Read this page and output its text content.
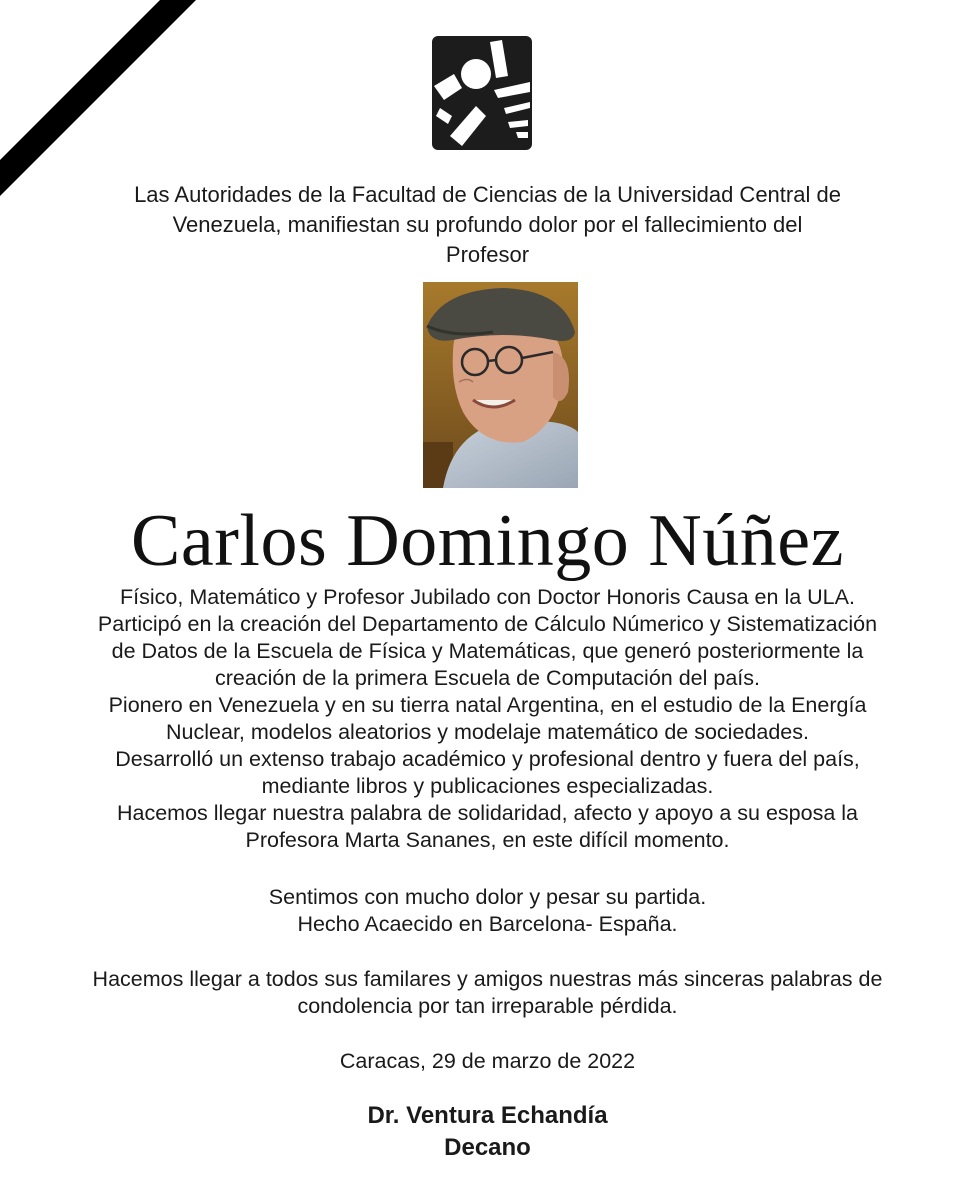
Las Autoridades de la Facultad de Ciencias de la Universidad Central de
Venezuela, manifiestan su profundo dolor por el fallecimiento del
Profesor
Carlos Domingo Núñez
Físico, Matemático y Profesor Jubilado con Doctor Honoris Causa en la ULA.
Participó en la creación del Departamento de Cálculo Númerico y Sistematización
de Datos de la Escuela de Física y Matemáticas, que generó posteriormente la
creación de la primera Escuela de Computación del país.
Pionero en Venezuela y en su tierra natal Argentina, en el estudio de la Energía
Nuclear, modelos aleatorios y modelaje matemático de sociedades.
Desarrolló un extenso trabajo académico y profesional dentro y fuera del país,
mediante libros y publicaciones especializadas.
Hacemos llegar nuestra palabra de solidaridad, afecto y apoyo a su esposa la
Profesora Marta Sananes, en este difícil momento.
Sentimos con mucho dolor y pesar su partida.
Hecho Acaecido en Barcelona- España.
Hacemos llegar a todos sus familares y amigos nuestras más sinceras palabras de
condolencia por tan irreparable pérdida.
Caracas, 29 de marzo de 2022
Dr. Ventura Echandía
Decano
